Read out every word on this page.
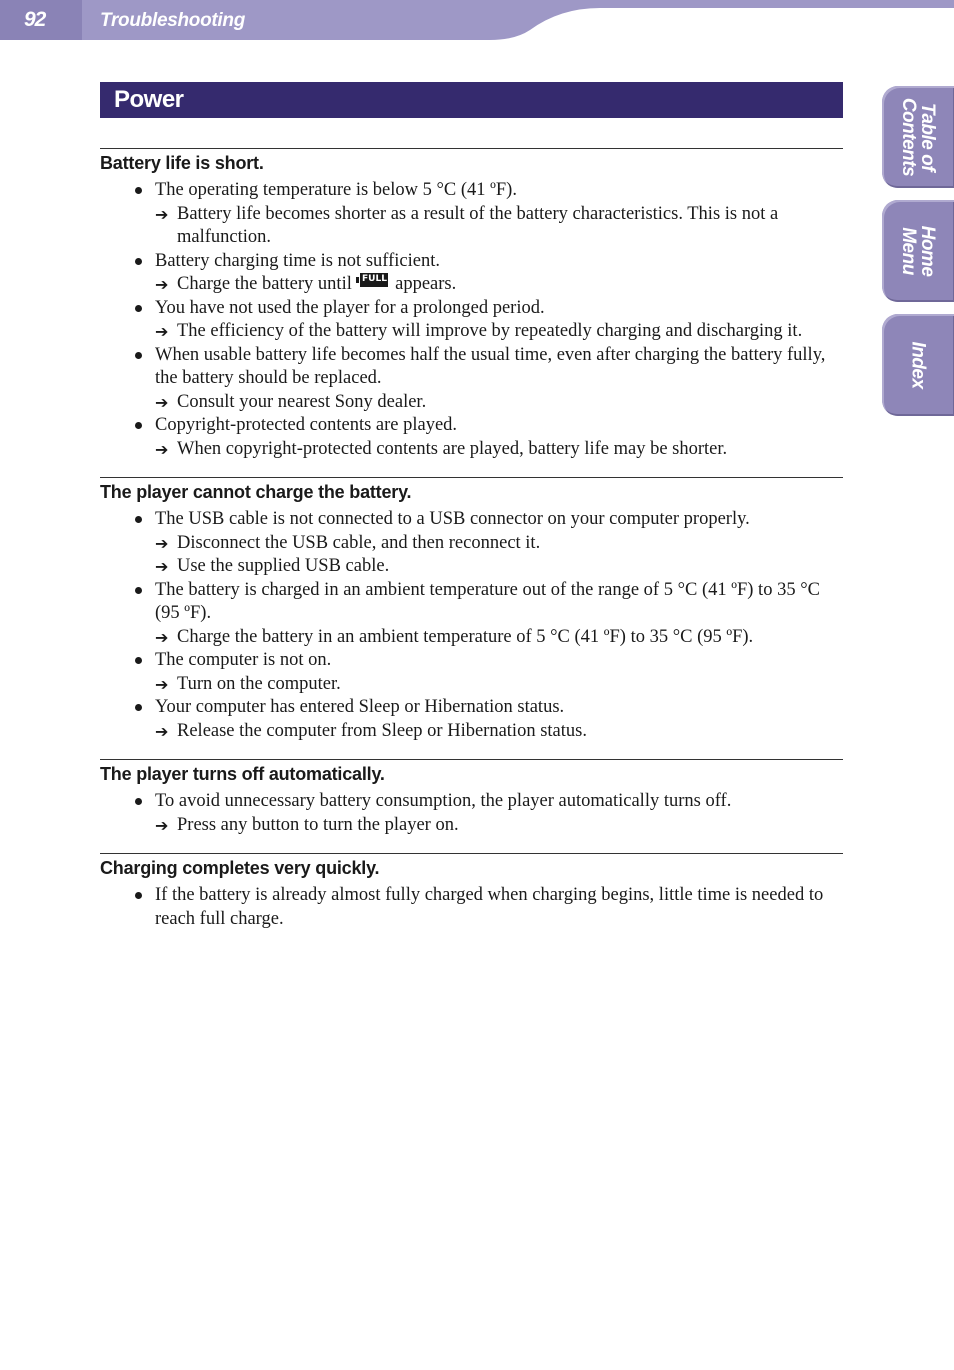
92	Troubleshooting
Table of
Contents
Home
Menu
Index
Power
Battery life is short.
The operating temperature is below 5 °C (41 ºF).
➔ Battery life becomes shorter as a result of the battery characteristics. This is not a malfunction.
Battery charging time is not sufficient.
➔ Charge the battery until FULL appears.
You have not used the player for a prolonged period.
➔ The efficiency of the battery will improve by repeatedly charging and discharging it.
When usable battery life becomes half the usual time, even after charging the battery fully, the battery should be replaced.
➔ Consult your nearest Sony dealer.
Copyright-protected contents are played.
➔ When copyright-protected contents are played, battery life may be shorter.
The player cannot charge the battery.
The USB cable is not connected to a USB connector on your computer properly.
➔ Disconnect the USB cable, and then reconnect it.
➔ Use the supplied USB cable.
The battery is charged in an ambient temperature out of the range of 5 °C (41 ºF) to 35 °C (95 ºF).
➔ Charge the battery in an ambient temperature of 5 °C (41 ºF) to 35 °C (95 ºF).
The computer is not on.
➔ Turn on the computer.
Your computer has entered Sleep or Hibernation status.
➔ Release the computer from Sleep or Hibernation status.
The player turns off automatically.
To avoid unnecessary battery consumption, the player automatically turns off.
➔ Press any button to turn the player on.
Charging completes very quickly.
If the battery is already almost fully charged when charging begins, little time is needed to reach full charge.
